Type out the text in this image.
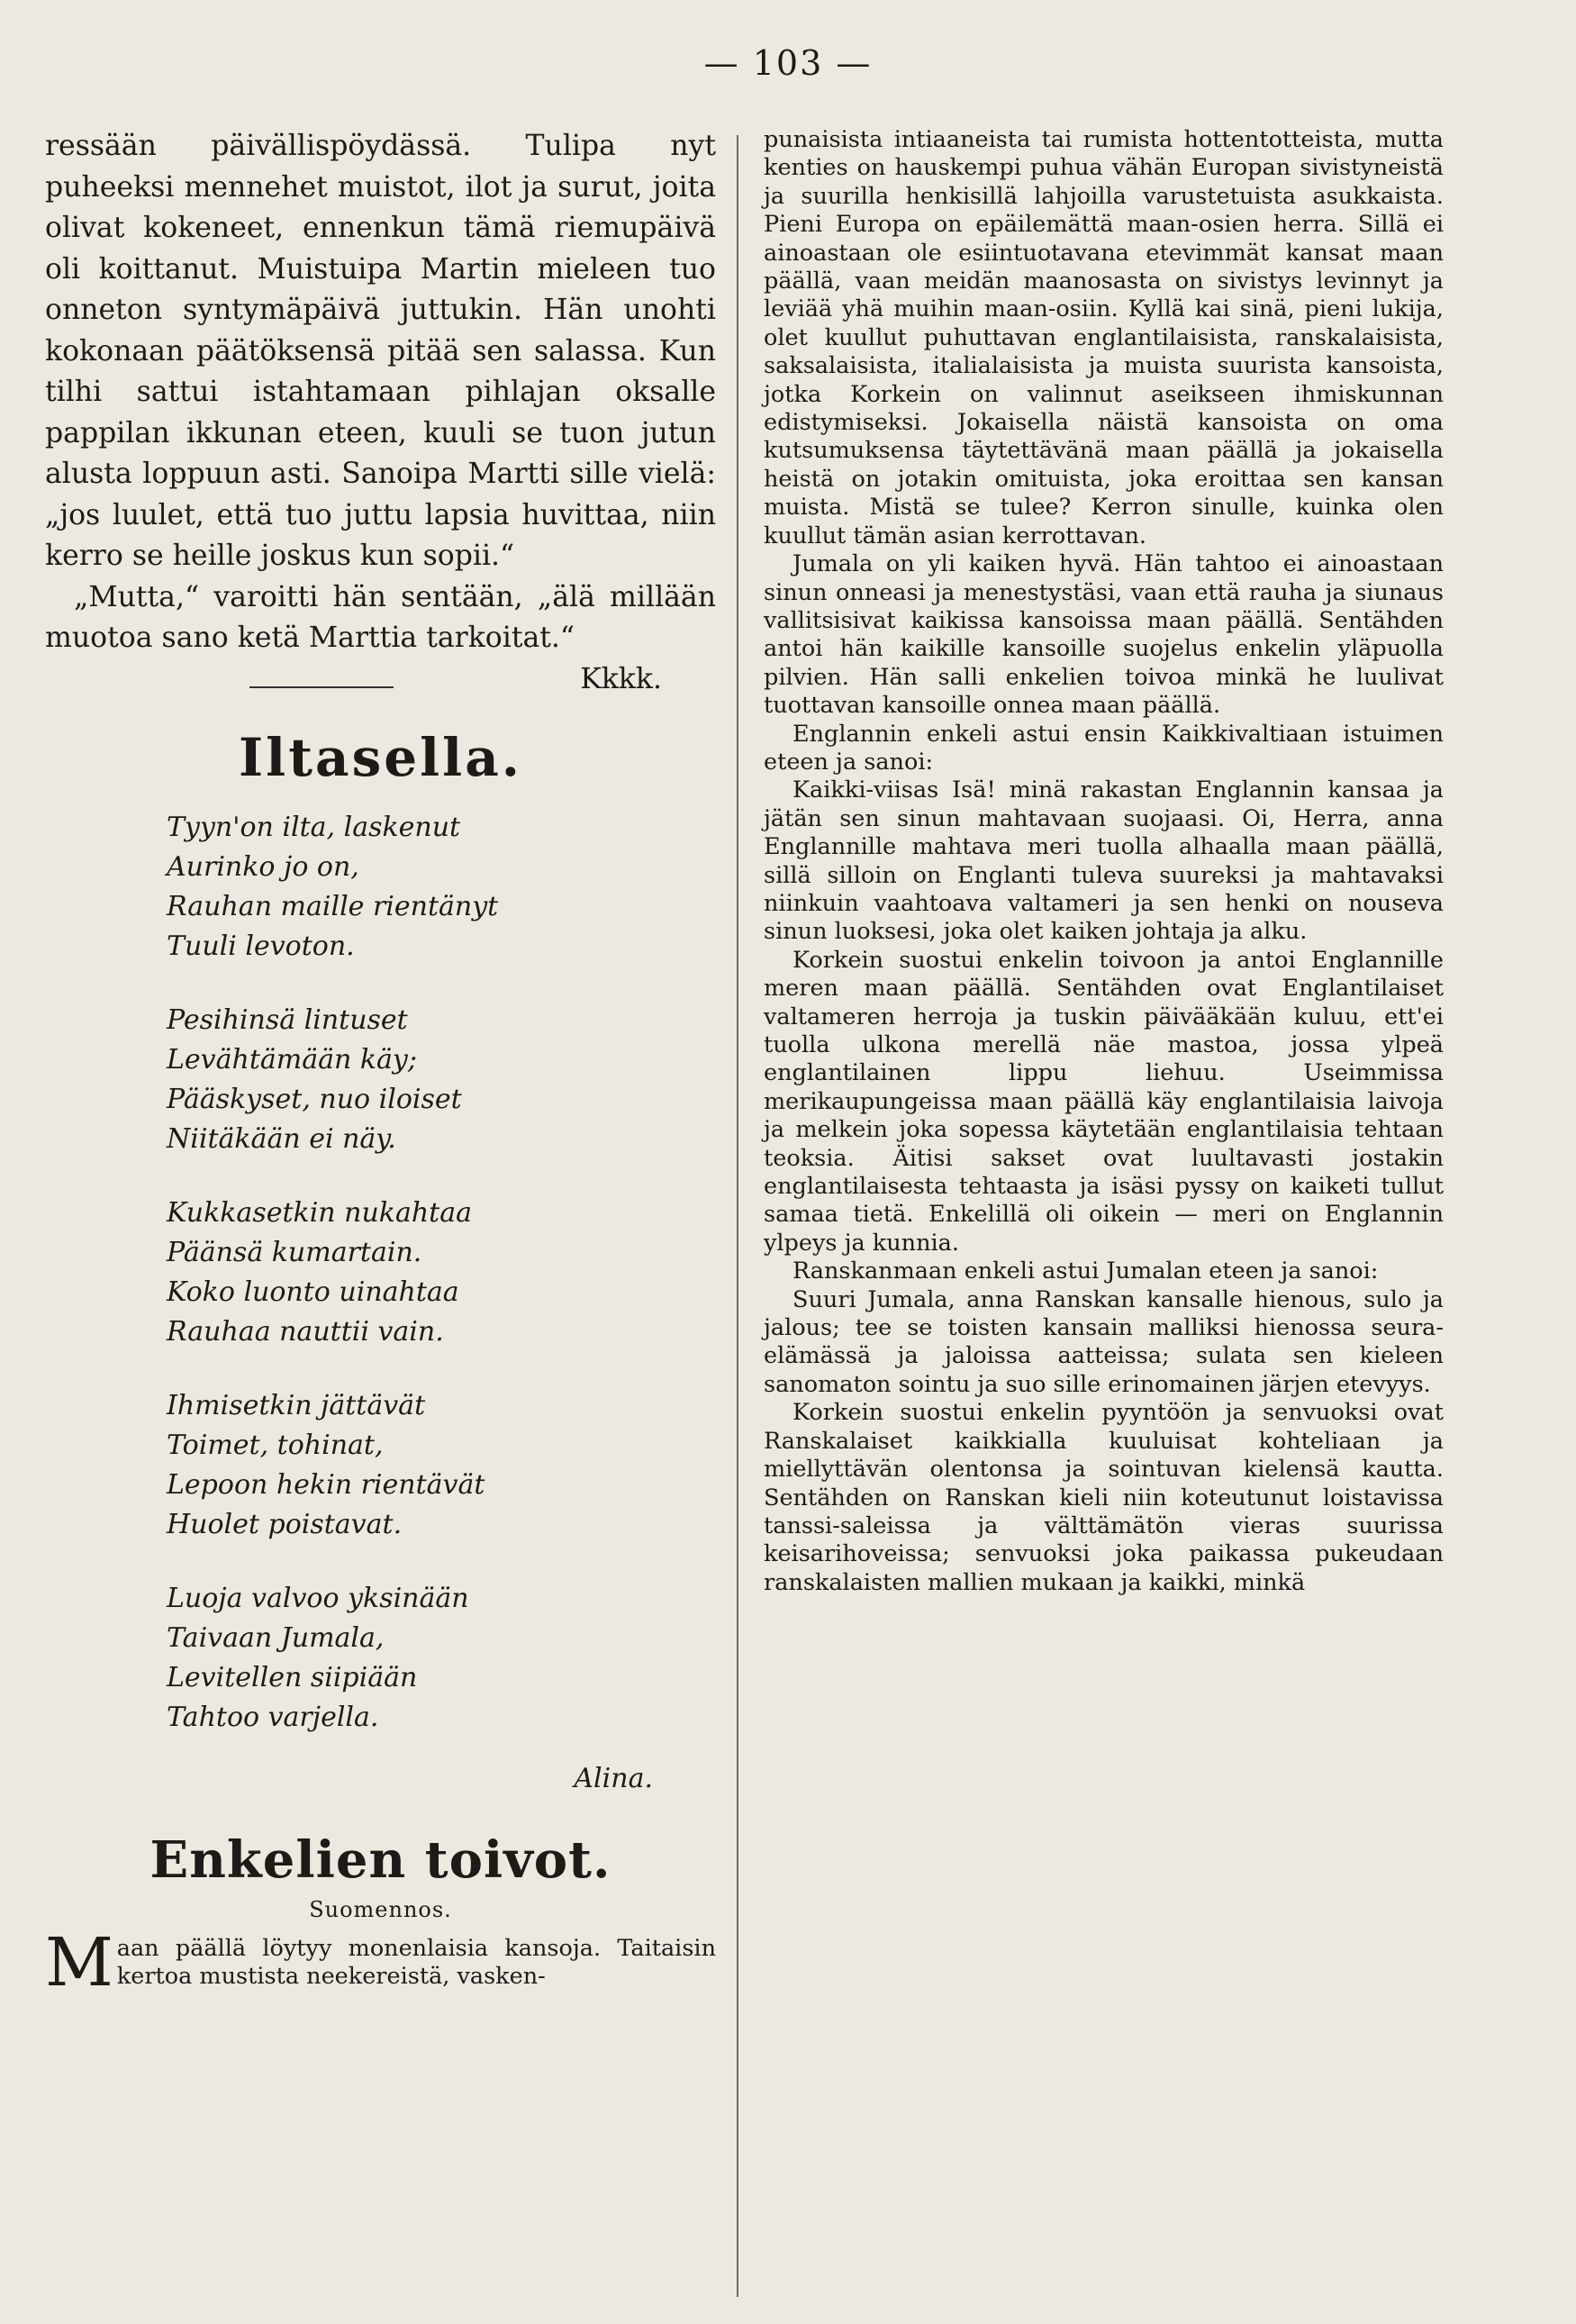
— 103 —

ressään päivällispöydässä. Tulipa nyt puheeksi mennehet muistot, ilot ja surut, joita olivat kokeneet, ennenkun tämä riemupäivä oli koittanut. Muistuipa Martin mieleen tuo onneton syntymäpäivä juttukin. Hän unohti kokonaan päätöksensä pitää sen salassa. Kun tilhi sattui istahtamaan pihlajan oksalle pappilan ikkunan eteen, kuuli se tuon jutun alusta loppuun asti. Sanoipa Martti sille vielä: „jos luulet, että tuo juttu lapsia huvittaa, niin kerro se heille joskus kun sopii.“

„Mutta,“ varoitti hän sentään, „älä millään muotoa sano ketä Marttia tarkoitat.“

Kkkk.
Iltasella.
Tyyn'on ilta, laskenut
Aurinko jo on,
Rauhan maille rientänyt
Tuuli levoton.
Pesihinsä lintuset
Levähtämään käy;
Pääskyset, nuo iloiset
Niitäkään ei näy.
Kukkasetkin nukahtaa
Päänsä kumartain.
Koko luonto uinahtaa
Rauhaa nauttii vain.
Ihmisetkin jättävät
Toimet, tohinat,
Lepoon hekin rientävät
Huolet poistavat.
Luoja valvoo yksinään
Taivaan Jumala,
Levitellen siipiään
Tahtoo varjella.
Alina.
Enkelien toivot.
Suomennos.

Maan päällä löytyy monenlaisia kansoja. Taitaisin kertoa mustista neekereistä, vasken-

punaisista intiaaneista tai rumista hottentotteista, mutta kenties on hauskempi puhua vähän Europan sivistyneistä ja suurilla henkisillä lahjoilla varustetuista asukkaista. Pieni Europa on epäilemättä maan-osien herra. Sillä ei ainoastaan ole esiintuotavana etevimmät kansat maan päällä, vaan meidän maanosasta on sivistys levinnyt ja leviää yhä muihin maan-osiin. Kyllä kai sinä, pieni lukija, olet kuullut puhuttavan englantilaisista, ranskalaisista, saksalaisista, italialaisista ja muista suurista kansoista, jotka Korkein on valinnut aseikseen ihmiskunnan edistymiseksi. Jokaisella näistä kansoista on oma kutsumuksensa täytettävänä maan päällä ja jokaisella heistä on jotakin omituista, joka eroittaa sen kansan muista. Mistä se tulee? Kerron sinulle, kuinka olen kuullut tämän asian kerrottavan.

Jumala on yli kaiken hyvä. Hän tahtoo ei ainoastaan sinun onneasi ja menestystäsi, vaan että rauha ja siunaus vallitsisivat kaikissa kansoissa maan päällä. Sentähden antoi hän kaikille kansoille suojelus enkelin yläpuolla pilvien. Hän salli enkelien toivoa minkä he luulivat tuottavan kansoille onnea maan päällä.

Englannin enkeli astui ensin Kaikkivaltiaan istuimen eteen ja sanoi:

Kaikki-viisas Isä! minä rakastan Englannin kansaa ja jätän sen sinun mahtavaan suojaasi. Oi, Herra, anna Englannille mahtava meri tuolla alhaalla maan päällä, sillä silloin on Englanti tuleva suureksi ja mahtavaksi niinkuin vaahtoava valtameri ja sen henki on nouseva sinun luoksesi, joka olet kaiken johtaja ja alku.

Korkein suostui enkelin toivoon ja antoi Englannille meren maan päällä. Sentähden ovat Englantilaiset valtameren herroja ja tuskin päivääkään kuluu, ett'ei tuolla ulkona merellä näe mastoa, jossa ylpeä englantilainen lippu liehuu. Useimmissa merikaupungeissa maan päällä käy englantilaisia laivoja ja melkein joka sopessa käytetään englantilaisia tehtaan teoksia. Äitisi sakset ovat luultavasti jostakin englantilaisesta tehtaasta ja isäsi pyssy on kaiketi tullut samaa tietä. Enkelillä oli oikein — meri on Englannin ylpeys ja kunnia.

Ranskanmaan enkeli astui Jumalan eteen ja sanoi:

Suuri Jumala, anna Ranskan kansalle hienous, sulo ja jalous; tee se toisten kansain malliksi hienossa seura-elämässä ja jaloissa aatteissa; sulata sen kieleen sanomaton sointu ja suo sille erinomainen järjen etevyys.

Korkein suostui enkelin pyyntöön ja senvuoksi ovat Ranskalaiset kaikkialla kuuluisat kohteliaan ja miellyttävän olentonsa ja sointuvan kielensä kautta. Sentähden on Ranskan kieli niin koteutunut loistavissa tanssi-saleissa ja välttämätön vieras suurissa keisarihoveissa; senvuoksi joka paikassa pukeudaan ranskalaisten mallien mukaan ja kaikki, minkä
